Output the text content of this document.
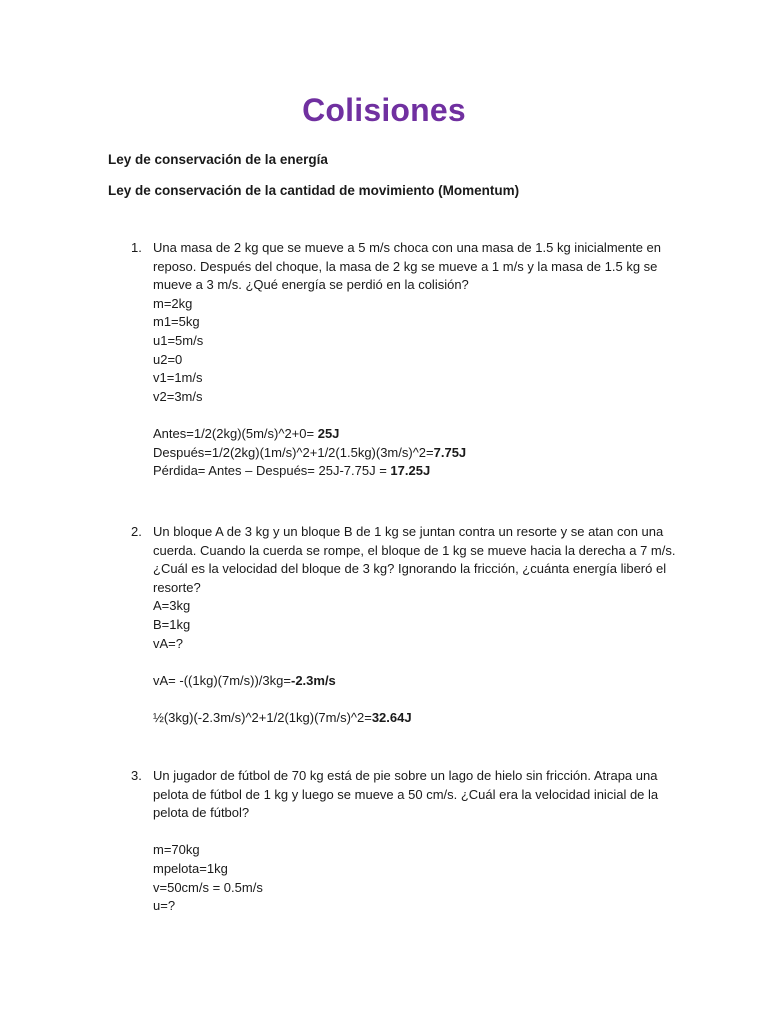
Colisiones
Ley de conservación de la energía
Ley de conservación de la cantidad de movimiento (Momentum)
1. Una masa de 2 kg que se mueve a 5 m/s choca con una masa de 1.5 kg inicialmente en
reposo. Después del choque, la masa de 2 kg se mueve a 1 m/s y la masa de 1.5 kg se
mueve a 3 m/s. ¿Qué energía se perdió en la colisión?
m=2kg
m1=5kg
u1=5m/s
u2=0
v1=1m/s
v2=3m/s
Antes=1/2(2kg)(5m/s)^2+0= 25J
Después=1/2(2kg)(1m/s)^2+1/2(1.5kg)(3m/s)^2=7.75J
Pérdida= Antes – Después= 25J-7.75J = 17.25J
2. Un bloque A de 3 kg y un bloque B de 1 kg se juntan contra un resorte y se atan con una
cuerda. Cuando la cuerda se rompe, el bloque de 1 kg se mueve hacia la derecha a 7 m/s.
¿Cuál es la velocidad del bloque de 3 kg? Ignorando la fricción, ¿cuánta energía liberó el
resorte?
A=3kg
B=1kg
vA=?
vA= -((1kg)(7m/s))/3kg=-2.3m/s
½(3kg)(-2.3m/s)^2+1/2(1kg)(7m/s)^2=32.64J
3. Un jugador de fútbol de 70 kg está de pie sobre un lago de hielo sin fricción. Atrapa una
pelota de fútbol de 1 kg y luego se mueve a 50 cm/s. ¿Cuál era la velocidad inicial de la
pelota de fútbol?
m=70kg
mpelota=1kg
v=50cm/s = 0.5m/s
u=?
